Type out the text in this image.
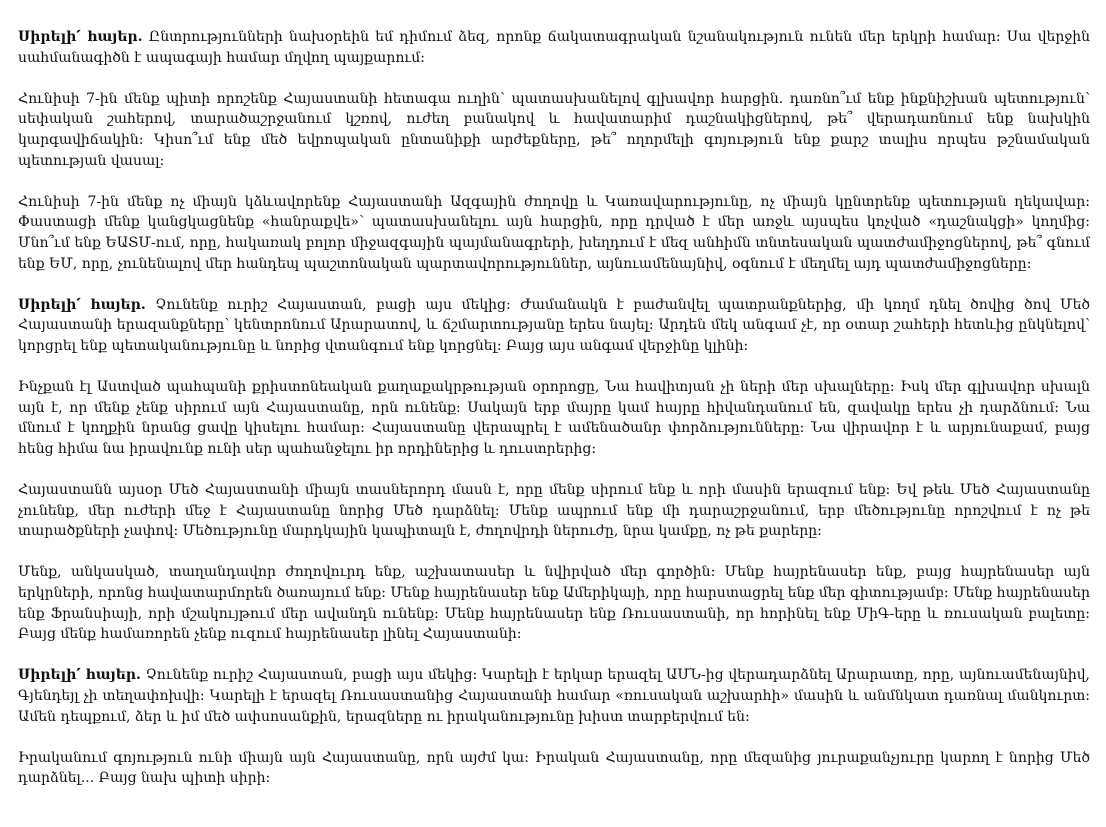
Սիրելի՛ հայեր. Ընտրությունների նախօրեին եմ դիմում ձեզ, որոնք ճակատագրական նշանակություն ունեն մեր երկրի համար: Սա վերջին սահմանագիծն է ապագայի համար մղվող պայքարում:

Հունիսի 7-ին մենք պիտի որոշենք Հայաստանի հետագա ուղին՝ պատասխանելով գլխավոր հարցին. դառնո՞ւմ ենք ինքնիշխան պետություն՝ սեփական շահերով, տարածաշրջանում կշռով, ուժեղ բանակով և հավատարիմ դաշնակիցներով, թե՞ վերադառնում ենք նախկին կարգավիճակին: Կիսո՞ւմ ենք մեծ եվրոպական ընտանիքի արժեքները, թե՞ ողորմելի գոյություն ենք քարշ տալիս որպես թշնամական պետության վասալ:

Հունիսի 7-ին մենք ոչ միայն կձևավորենք Հայաստանի Ազգային ժողովը և Կառավարությունը, ոչ միայն կընտրենք պետության ղեկավար: Փաստացի մենք կանցկացնենք «հանրաքվե»՝ պատասխանելու այն հարցին, որը դրված է մեր առջև այսպես կոչված «դաշնակցի» կողմից: Մնո՞ւմ ենք ԵԱՏՄ-ում, որը, հակառակ բոլոր միջազգային պայմանագրերի, խեղդում է մեզ անհիմն տնտեսական պատժամիջոցներով, թե՞ գնում ենք ԵՄ, որը, չունենալով մեր հանդեպ պաշտոնական պարտավորություններ, այնուամենայնիվ, օգնում է մեղմել այդ պատժամիջոցները:

Սիրելի՛ հայեր. Չունենք ուրիշ Հայաստան, բացի այս մեկից: Ժամանակն է բաժանվել պատրանքներից, մի կողմ դնել ծովից ծով Մեծ Հայաստանի երազանքները՝ կենտրոնում Արարատով, և ճշմարտությանը երես նայել: Արդեն մեկ անգամ չէ, որ օտար շահերի հետևից ընկնելով՝ կորցրել ենք պետականությունը և նորից վտանգում ենք կորցնել: Բայց այս անգամ վերջինը կլինի:

Ինչքան էլ Աստված պահպանի քրիստոնեական քաղաքակրթության օրորոցը, Նա հավիտյան չի ների մեր սխալները: Իսկ մեր գլխավոր սխալն այն է, որ մենք չենք սիրում այն Հայաստանը, որն ունենք: Սակայն երբ մայրը կամ հայրը հիվանդանում են, զավակը երես չի դարձնում: Նա մնում է կողքին նրանց ցավը կիսելու համար: Հայաստանը վերապրել է ամենածանր փորձությունները: Նա վիրավոր է և արյունաքամ, բայց հենց հիմա նա իրավունք ունի սեր պահանջելու իր որդիներից և դուստրերից:

Հայաստանն այսօր Մեծ Հայաստանի միայն տասներորդ մասն է, որը մենք սիրում ենք և որի մասին երազում ենք: Եվ թեև Մեծ Հայաստանը չունենք, մեր ուժերի մեջ է Հայաստանը նորից Մեծ դարձնել: Մենք ապրում ենք մի դարաշրջանում, երբ մեծությունը որոշվում է ոչ թե տարածքների չափով: Մեծությունը մարդկային կապիտալն է, ժողովրդի ներուժը, նրա կամքը, ոչ թե քարերը:

Մենք, անկասկած, տաղանդավոր ժողովուրդ ենք, աշխատասեր և նվիրված մեր գործին: Մենք հայրենասեր ենք, բայց հայրենասեր այն երկրների, որոնց հավատարմորեն ծառայում ենք: Մենք հայրենասեր ենք Ամերիկայի, որը հարստացրել ենք մեր գիտությամբ: Մենք հայրենասեր ենք Ֆրանսիայի, որի մշակույթում մեր ավանդն ունենք: Մենք հայրենասեր ենք Ռուսաստանի, որ հորինել ենք ՄիԳ-երը և ռուսական բալետը: Բայց մենք համառորեն չենք ուզում հայրենասեր լինել Հայաստանի:

Սիրելի՛ հայեր. Չունենք ուրիշ Հայաստան, բացի այս մեկից: Կարելի է երկար երազել ԱՄՆ-ից վերադարձնել Արարատը, որը, այնուամենայնիվ, Գյենդեյլ չի տեղափոխվի: Կարելի է երազել Ռուսաստանից Հայաստանի համար «ռուսական աշխարհի» մասին և անմնկատ դառնալ մանկուրտ: Ամեն դեպքում, ձեր և իմ մեծ ափսոսանքին, երազները ու իրականությունը խիստ տարբերվում են:

Իրականում գոյություն ունի միայն այն Հայաստանը, որն այժմ կա: Իրական Հայաստանը, որը մեզանից յուրաքանչյուրը կարող է նորից Մեծ դարձնել... Բայց նախ պիտի սիրի:
